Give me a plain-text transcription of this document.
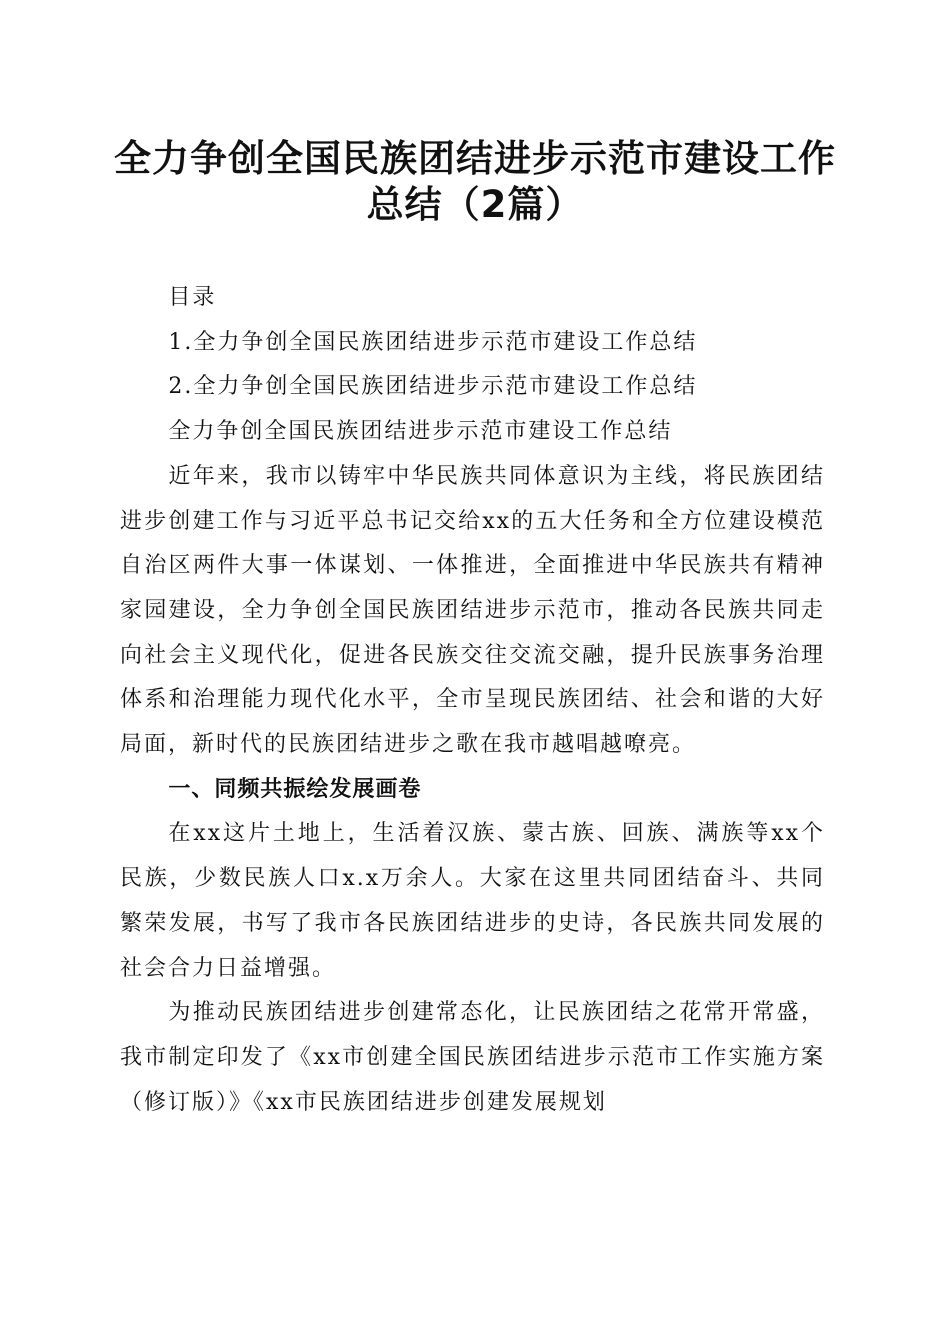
全力争创全国民族团结进步示范市建设工作总结（2篇）

目录

1.全力争创全国民族团结进步示范市建设工作总结

2.全力争创全国民族团结进步示范市建设工作总结

全力争创全国民族团结进步示范市建设工作总结

近年来，我市以铸牢中华民族共同体意识为主线，将民族团结进步创建工作与习近平总书记交给xx的五大任务和全方位建设模范自治区两件大事一体谋划、一体推进，全面推进中华民族共有精神家园建设，全力争创全国民族团结进步示范市，推动各民族共同走向社会主义现代化，促进各民族交往交流交融，提升民族事务治理体系和治理能力现代化水平，全市呈现民族团结、社会和谐的大好局面，新时代的民族团结进步之歌在我市越唱越嘹亮。

一、同频共振绘发展画卷

在xx这片土地上，生活着汉族、蒙古族、回族、满族等xx个民族，少数民族人口x.x万余人。大家在这里共同团结奋斗、共同繁荣发展，书写了我市各民族团结进步的史诗，各民族共同发展的社会合力日益增强。

为推动民族团结进步创建常态化，让民族团结之花常开常盛，我市制定印发了《xx市创建全国民族团结进步示范市工作实施方案（修订版）》《xx市民族团结进步创建发展规划
